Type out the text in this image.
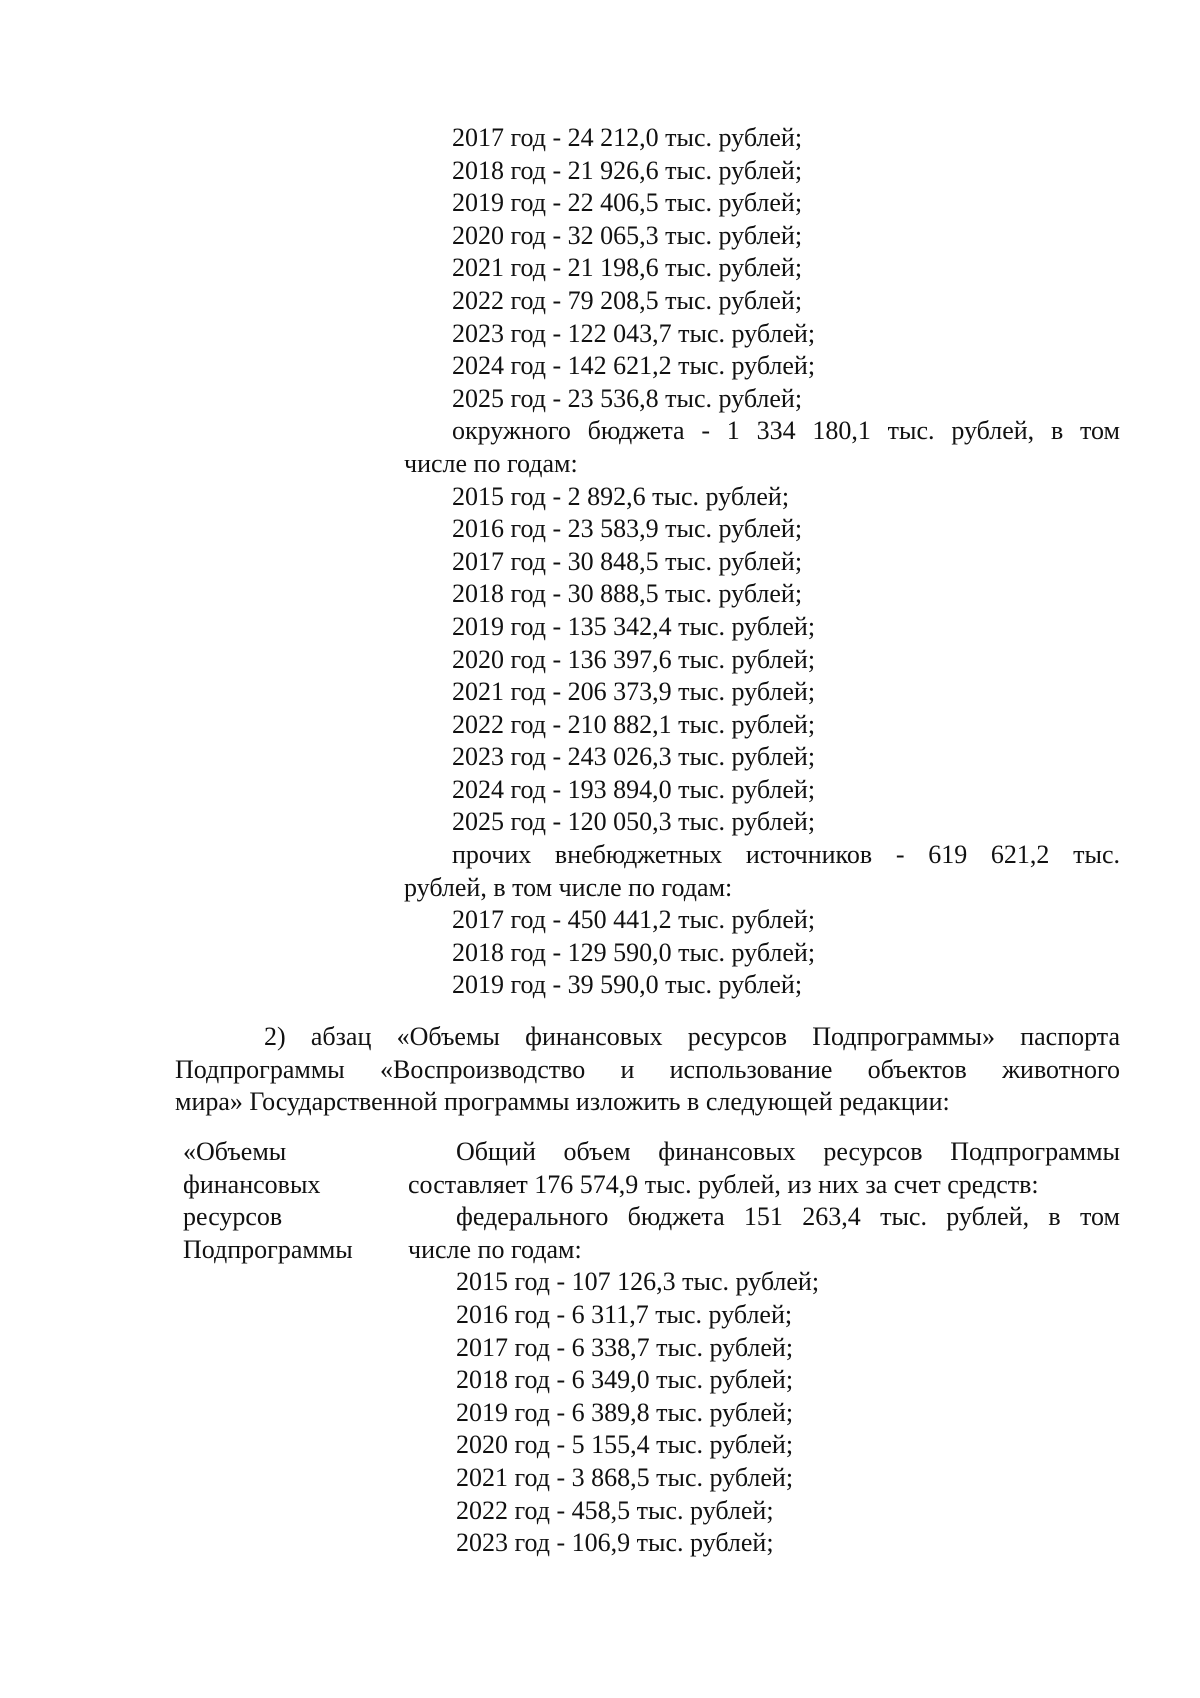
2017 год - 24 212,0 тыс. рублей;
2018 год - 21 926,6 тыс. рублей;
2019 год - 22 406,5 тыс. рублей;
2020 год - 32 065,3 тыс. рублей;
2021 год - 21 198,6 тыс. рублей;
2022 год - 79 208,5 тыс. рублей;
2023 год - 122 043,7 тыс. рублей;
2024 год - 142 621,2 тыс. рублей;
2025 год - 23 536,8 тыс. рублей;
окружного бюджета - 1 334 180,1 тыс. рублей, в том
числе по годам:
2015 год - 2 892,6 тыс. рублей;
2016 год - 23 583,9 тыс. рублей;
2017 год - 30 848,5 тыс. рублей;
2018 год - 30 888,5 тыс. рублей;
2019 год - 135 342,4 тыс. рублей;
2020 год - 136 397,6 тыс. рублей;
2021 год - 206 373,9 тыс. рублей;
2022 год - 210 882,1 тыс. рублей;
2023 год - 243 026,3 тыс. рублей;
2024 год - 193 894,0 тыс. рублей;
2025 год - 120 050,3 тыс. рублей;
прочих внебюджетных источников - 619 621,2 тыс.
рублей, в том числе по годам:
2017 год - 450 441,2 тыс. рублей;
2018 год - 129 590,0 тыс. рублей;
2019 год - 39 590,0 тыс. рублей;
2) абзац «Объемы финансовых ресурсов Подпрограммы» паспорта
Подпрограммы «Воспроизводство и использование объектов животного
мира» Государственной программы изложить в следующей редакции:
«Объемы
финансовых
ресурсов
Подпрограммы
Общий объем финансовых ресурсов Подпрограммы
составляет 176 574,9 тыс. рублей, из них за счет средств:
федерального бюджета 151 263,4 тыс. рублей, в том
числе по годам:
2015 год - 107 126,3 тыс. рублей;
2016 год - 6 311,7 тыс. рублей;
2017 год - 6 338,7 тыс. рублей;
2018 год - 6 349,0 тыс. рублей;
2019 год - 6 389,8 тыс. рублей;
2020 год - 5 155,4 тыс. рублей;
2021 год - 3 868,5 тыс. рублей;
2022 год - 458,5 тыс. рублей;
2023 год - 106,9 тыс. рублей;
